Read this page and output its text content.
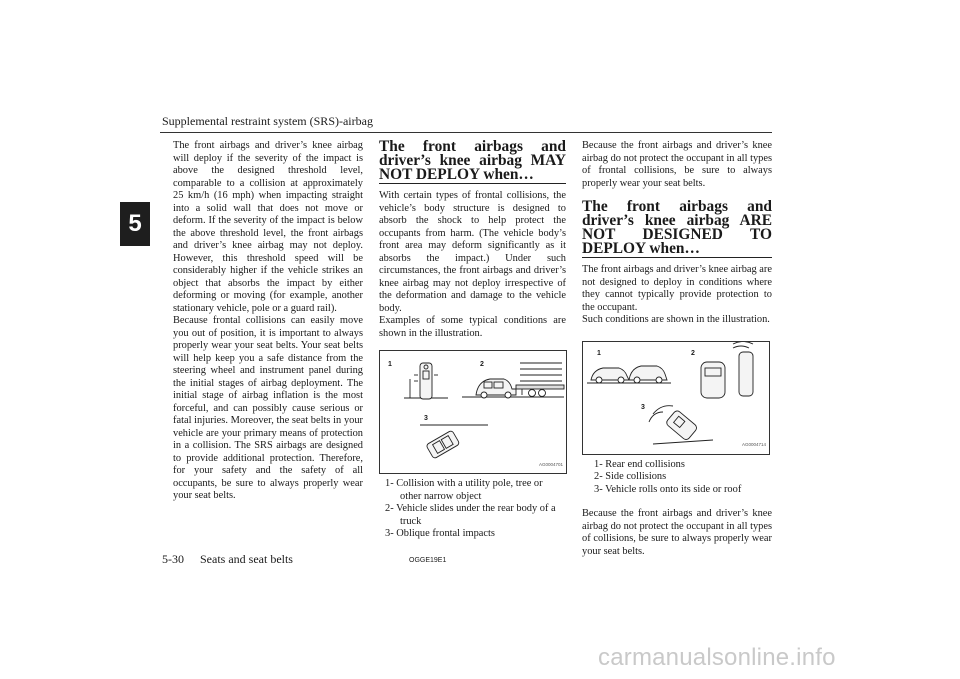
Supplemental restraint system (SRS)-airbag
5

The front airbags and driver’s knee airbag will deploy if the severity of the impact is above the designed threshold level, comparable to a collision at approximately 25 km/h (16 mph) when impacting straight into a solid wall that does not move or deform. If the severity of the impact is below the above threshold level, the front airbags and driver’s knee airbag may not deploy. However, this threshold speed will be considerably higher if the vehicle strikes an object that absorbs the impact by either deforming or moving (for example, another stationary vehicle, pole or a guard rail).

Because frontal collisions can easily move you out of position, it is important to always properly wear your seat belts. Your seat belts will help keep you a safe distance from the steering wheel and instrument panel during the initial stages of airbag deployment. The initial stage of airbag inflation is the most forceful, and can possibly cause serious or fatal injuries. Moreover, the seat belts in your vehicle are your primary means of protection in a collision. The SRS airbags are designed to provide additional protection. Therefore, for your safety and the safety of all occupants, be sure to always properly wear your seat belts.

The front airbags and driver’s knee airbag MAY NOT DEPLOY when…

With certain types of frontal collisions, the vehicle’s body structure is designed to absorb the shock to help protect the occupants from harm. (The vehicle body’s front area may deform significantly as it absorbs the impact.) Under such circumstances, the front airbags and driver’s knee airbag may not deploy irrespective of the deformation and damage to the vehicle body.

Examples of some typical conditions are shown in the illustration.

1	2
3
AG0004701
1- Collision with a utility pole, tree or other narrow object
2- Vehicle slides under the rear body of a truck
3- Oblique frontal impacts

Because the front airbags and driver’s knee airbag do not protect the occupant in all types of frontal collisions, be sure to always properly wear your seat belts.

The front airbags and driver’s knee airbag ARE NOT DESIGNED TO DEPLOY when…

The front airbags and driver’s knee airbag are not designed to deploy in conditions where they cannot typically provide protection to the occupant.

Such conditions are shown in the illustration.

1	2
3
AG0004714
1- Rear end collisions
2- Side collisions
3- Vehicle rolls onto its side or roof

Because the front airbags and driver’s knee airbag do not protect the occupant in all types of collisions, be sure to always properly wear your seat belts.

5-30 Seats and seat belts	OGGE19E1
carmanualsonline.info
